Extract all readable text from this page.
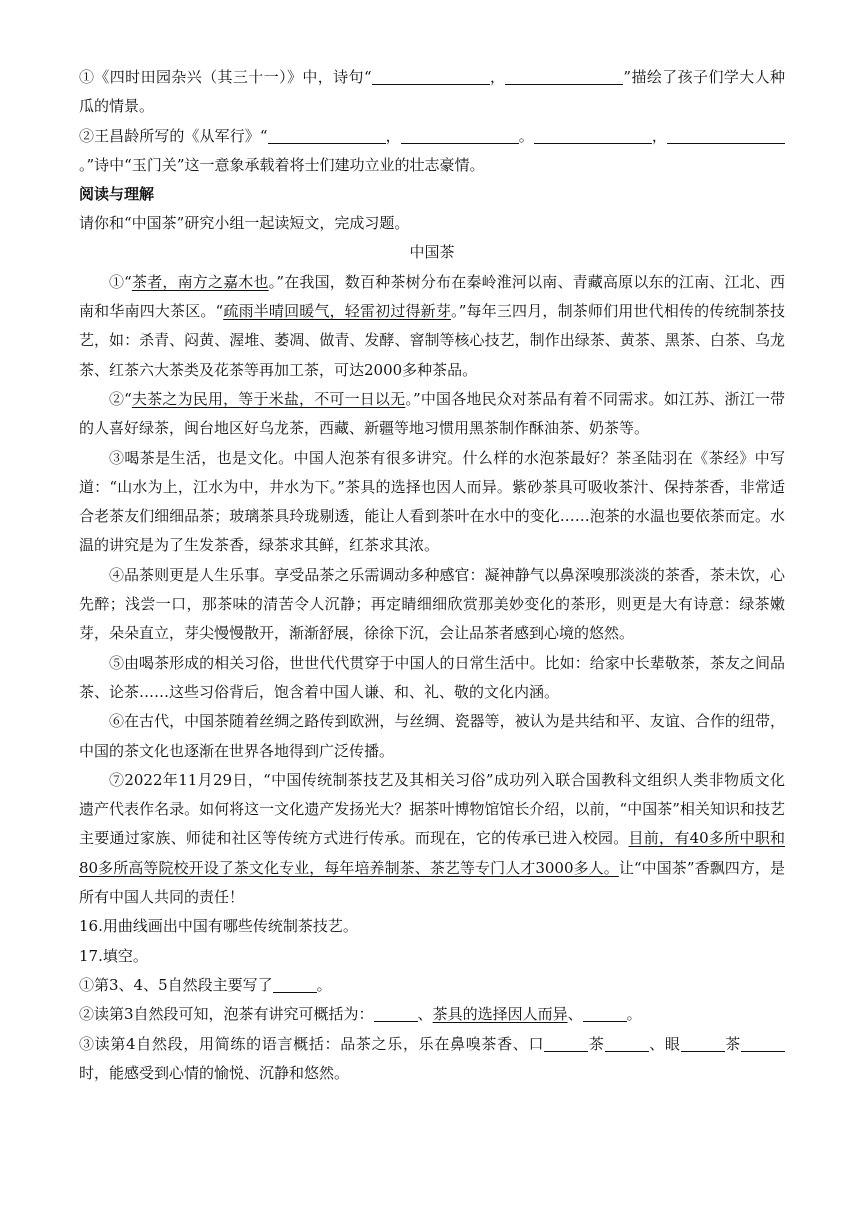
①《四时田园杂兴（其三十一）》中，诗句“	，	”描绘了孩子们学大人种瓜的情景。

②王昌龄所写的《从军行》“	，	。	，。”诗中“玉门关”这一意象承载着将士们建功立业的壮志豪情。

阅读与理解

请你和“中国茶”研究小组一起读短文，完成习题。

中国茶

①“茶者，南方之嘉木也。”在我国，数百种茶树分布在秦岭淮河以南、青藏高原以东的江南、江北、西南和华南四大茶区。“疏雨半晴回暖气，轻雷初过得新芽。”每年三四月，制茶师们用世代相传的传统制茶技艺，如：杀青、闷黄、渥堆、萎凋、做青、发酵、窨制等核心技艺，制作出绿茶、黄茶、黑茶、白茶、乌龙茶、红茶六大茶类及花茶等再加工茶，可达2000多种茶品。

②“夫茶之为民用，等于米盐，不可一日以无。”中国各地民众对茶品有着不同需求。如江苏、浙江一带的人喜好绿茶，闽台地区好乌龙茶，西藏、新疆等地习惯用黑茶制作酥油茶、奶茶等。

③喝茶是生活，也是文化。中国人泡茶有很多讲究。什么样的水泡茶最好？茶圣陆羽在《茶经》中写道：“山水为上，江水为中，井水为下。”茶具的选择也因人而异。紫砂茶具可吸收茶汁、保持茶香，非常适合老茶友们细细品茶；玻璃茶具玲珑剔透，能让人看到茶叶在水中的变化……泡茶的水温也要依茶而定。水温的讲究是为了生发茶香，绿茶求其鲜，红茶求其浓。

④品茶则更是人生乐事。享受品茶之乐需调动多种感官：凝神静气以鼻深嗅那淡淡的茶香，茶未饮，心先醉；浅尝一口，那茶味的清苦令人沉静；再定睛细细欣赏那美妙变化的茶形，则更是大有诗意：绿茶嫩芽，朵朵直立，芽尖慢慢散开，渐渐舒展，徐徐下沉，会让品茶者感到心境的悠然。

⑤由喝茶形成的相关习俗，世世代代贯穿于中国人的日常生活中。比如：给家中长辈敬茶，茶友之间品茶、论茶……这些习俗背后，饱含着中国人谦、和、礼、敬的文化内涵。

⑥在古代，中国茶随着丝绸之路传到欧洲，与丝绸、瓷器等，被认为是共结和平、友谊、合作的纽带，中国的茶文化也逐渐在世界各地得到广泛传播。

⑦2022年11月29日，“中国传统制茶技艺及其相关习俗”成功列入联合国教科文组织人类非物质文化遗产代表作名录。如何将这一文化遗产发扬光大？据茶叶博物馆馆长介绍，以前，“中国茶”相关知识和技艺主要通过家族、师徒和社区等传统方式进行传承。而现在，它的传承已进入校园。目前，有40多所中职和80多所高等院校开设了茶文化专业，每年培养制茶、茶艺等专门人才3000多人。让“中国茶”香飘四方，是所有中国人共同的责任！

16.用曲线画出中国有哪些传统制茶技艺。

17.填空。

①第3、4、5自然段主要写了	。

②读第3自然段可知，泡茶有讲究可概括为：	、茶具的选择因人而异、	。

③读第4自然段，用简练的语言概括：品茶之乐，乐在鼻嗅茶香、口	茶	、眼	茶时，能感受到心情的愉悦、沉静和悠然。
